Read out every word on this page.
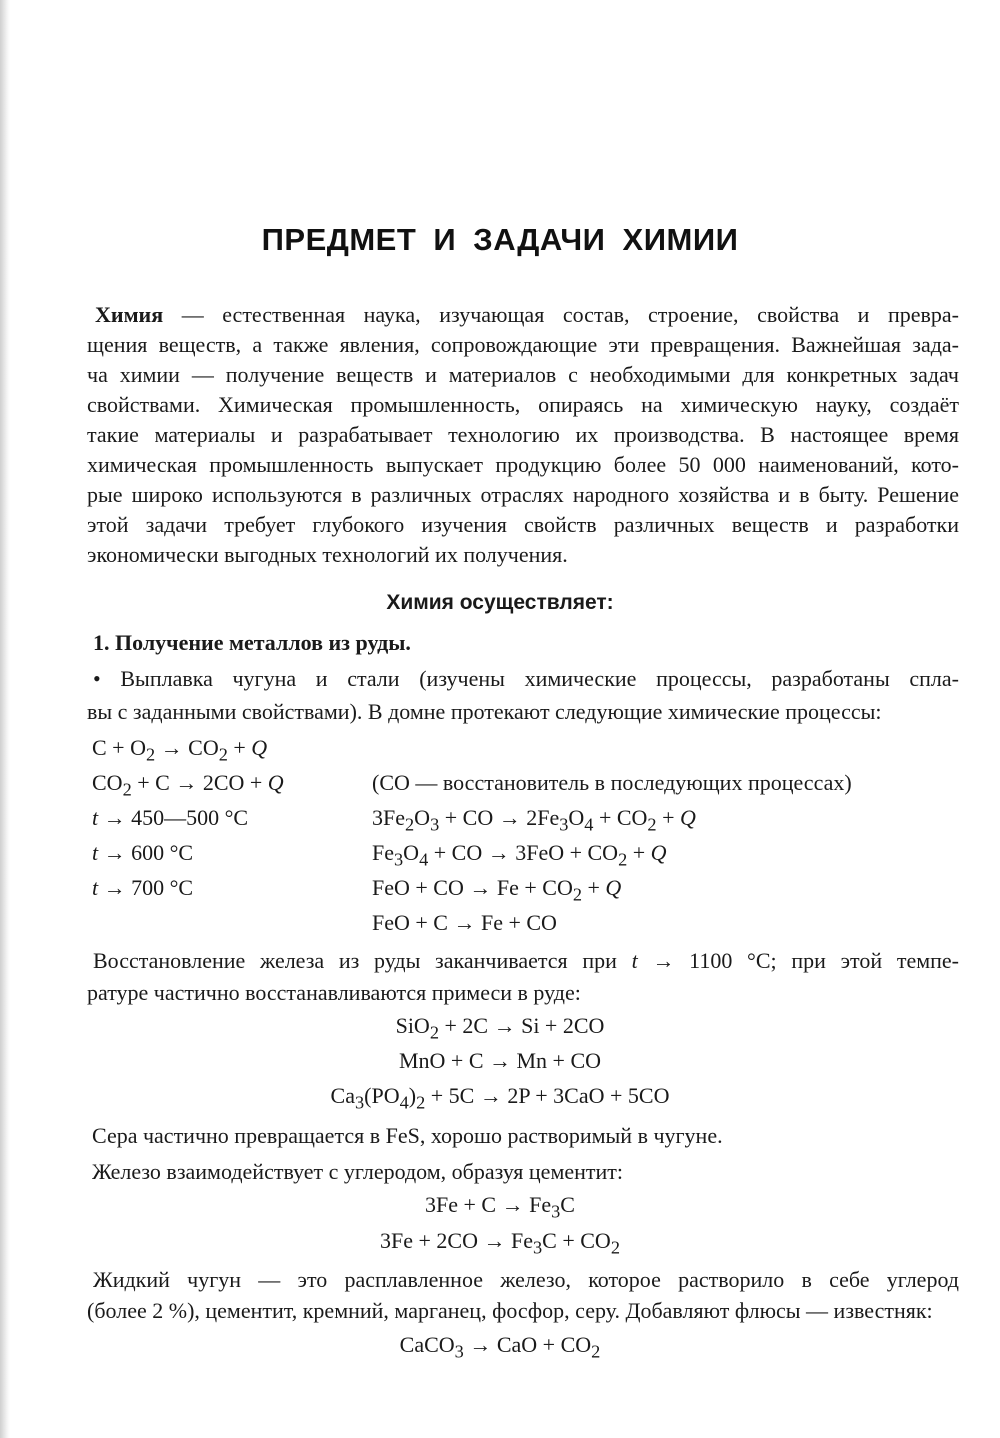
ПРЕДМЕТ И ЗАДАЧИ ХИМИИ
Химия — естественная наука, изучающая состав, строение, свойства и превра-
щения веществ, а также явления, сопровождающие эти превращения. Важнейшая зада-
ча химии — получение веществ и материалов с необходимыми для конкретных задач
свойствами. Химическая промышленность, опираясь на химическую науку, создаёт
такие материалы и разрабатывает технологию их производства. В настоящее время
химическая промышленность выпускает продукцию более 50 000 наименований, кото-
рые широко используются в различных отраслях народного хозяйства и в быту. Решение
этой задачи требует глубокого изучения свойств различных веществ и разработки
экономически выгодных технологий их получения.
Химия осуществляет:
1. Получение металлов из руды.
• Выплавка чугуна и стали (изучены химические процессы, разработаны спла-
вы с заданными свойствами). В домне протекают следующие химические процессы:
$C + O_2 \to CO_2 + Q$
$CO_2 + C \to 2CO + Q$
t → 450—500 °C
t → 600 °C
t → 700 °C
(CO — восстановитель в последующих процессах)
$3Fe_2O_3$ + CO → $2Fe_3O_4 + CO_2 + Q$
$Fe_3O_4$ + CO → $3FeO + CO_2 + Q$
FeO + CO → $Fe + CO_2 + Q$
FeO + C → Fe + CO
Восстановление железа из руды заканчивается при t → 1100 °C; при этой темпе-
ратуре частично восстанавливаются примеси в руде:
SiO$_2$ + 2C → Si + 2CO
MnO + C → Mn + CO
$Ca_3(PO_4)_2 + 5C \to 2P + 3CaO + 5CO$
Сера частично превращается в FeS, хорошо растворимый в чугуне.
Железо взаимодействует с углеродом, образуя цементит:
$3Fe + C \to Fe_3C$
$3Fe + 2CO \to Fe_3C + CO_2$
Жидкий чугун — это расплавленное железо, которое растворило в себе углерод
(более 2 %), цементит, кремний, марганец, фосфор, серу. Добавляют флюсы — известняк:
CaCO$_3$ → CaO + $CO_2$
